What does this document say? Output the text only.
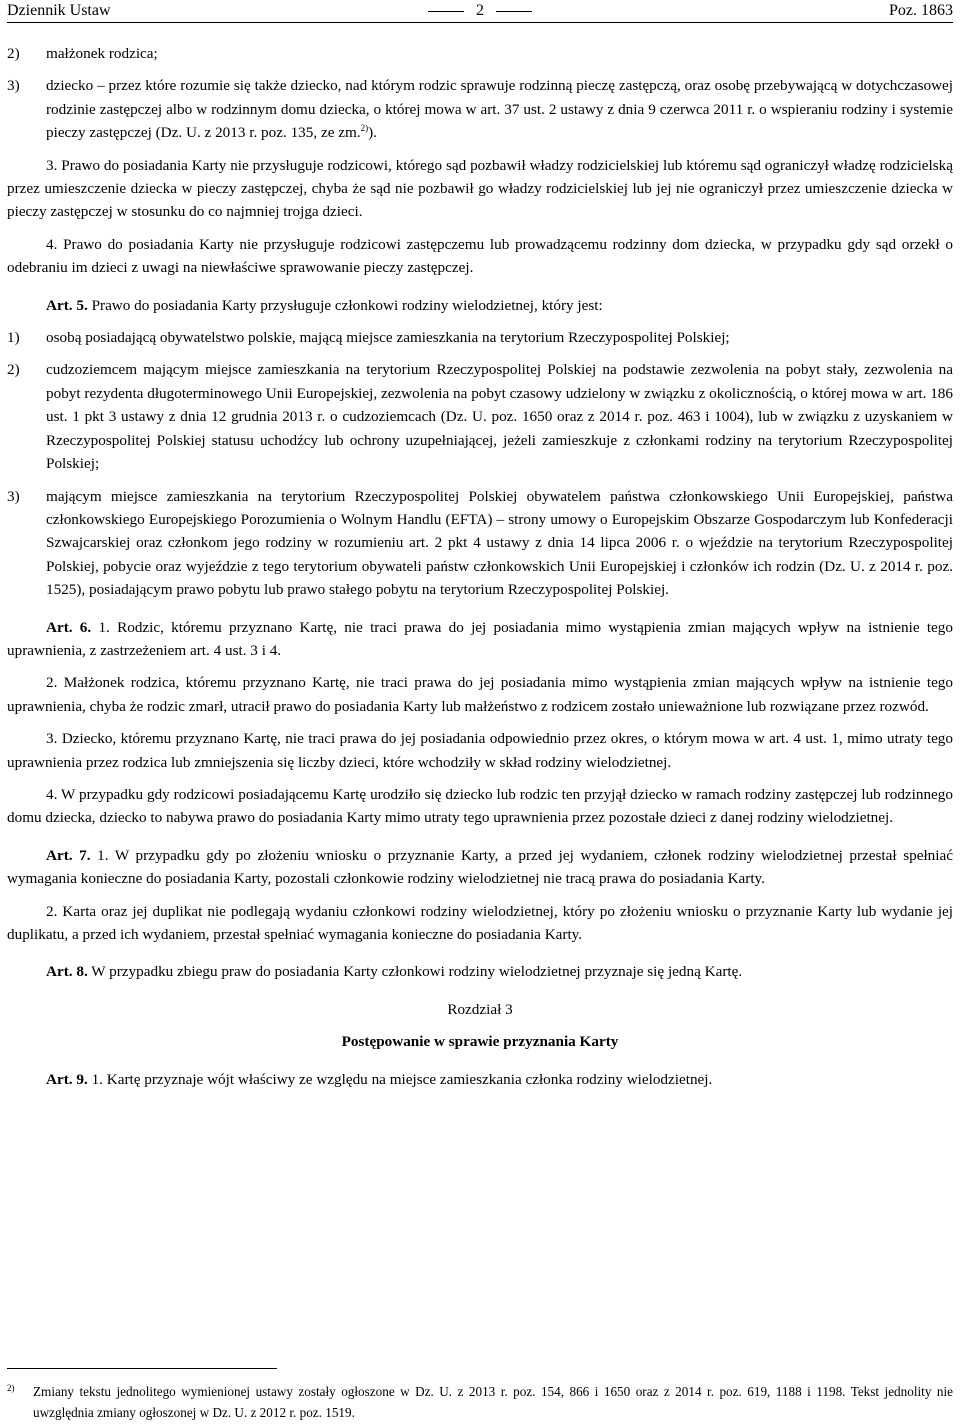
Dziennik Ustaw	2	Poz. 1863

2)	małżonek rodzica;

3)	dziecko – przez które rozumie się także dziecko, nad którym rodzic sprawuje rodzinną pieczę zastępczą, oraz osobę przebywającą w dotychczasowej rodzinie zastępczej albo w rodzinnym domu dziecka, o której mowa w art. 37 ust. 2 ustawy z dnia 9 czerwca 2011 r. o wspieraniu rodziny i systemie pieczy zastępczej (Dz. U. z 2013 r. poz. 135, ze zm.$^{2)}$).

3. Prawo do posiadania Karty nie przysługuje rodzicowi, którego sąd pozbawił władzy rodzicielskiej lub któremu sąd ograniczył władzę rodzicielską przez umieszczenie dziecka w pieczy zastępczej, chyba że sąd nie pozbawił go władzy rodzicielskiej lub jej nie ograniczył przez umieszczenie dziecka w pieczy zastępczej w stosunku do co najmniej trojga dzieci.

4. Prawo do posiadania Karty nie przysługuje rodzicowi zastępczemu lub prowadzącemu rodzinny dom dziecka, w przypadku gdy sąd orzekł o odebraniu im dzieci z uwagi na niewłaściwe sprawowanie pieczy zastępczej.

Art. 5. Prawo do posiadania Karty przysługuje członkowi rodziny wielodzietnej, który jest:

1)	osobą posiadającą obywatelstwo polskie, mającą miejsce zamieszkania na terytorium Rzeczypospolitej Polskiej;

2)	cudzoziemcem mającym miejsce zamieszkania na terytorium Rzeczypospolitej Polskiej na podstawie zezwolenia na pobyt stały, zezwolenia na pobyt rezydenta długoterminowego Unii Europejskiej, zezwolenia na pobyt czasowy udzielony w związku z okolicznością, o której mowa w art. 186 ust. 1 pkt 3 ustawy z dnia 12 grudnia 2013 r. o cudzoziemcach (Dz. U. poz. 1650 oraz z 2014 r. poz. 463 i 1004), lub w związku z uzyskaniem w Rzeczypospolitej Polskiej statusu uchodźcy lub ochrony uzupełniającej, jeżeli zamieszkuje z członkami rodziny na terytorium Rzeczypospolitej Polskiej;

3)	mającym miejsce zamieszkania na terytorium Rzeczypospolitej Polskiej obywatelem państwa członkowskiego Unii Europejskiej, państwa członkowskiego Europejskiego Porozumienia o Wolnym Handlu (EFTA) – strony umowy o Europejskim Obszarze Gospodarczym lub Konfederacji Szwajcarskiej oraz członkom jego rodziny w rozumieniu art. 2 pkt 4 ustawy z dnia 14 lipca 2006 r. o wjeździe na terytorium Rzeczypospolitej Polskiej, pobycie oraz wyjeździe z tego terytorium obywateli państw członkowskich Unii Europejskiej i członków ich rodzin (Dz. U. z 2014 r. poz. 1525), posiadającym prawo pobytu lub prawo stałego pobytu na terytorium Rzeczypospolitej Polskiej.

Art. 6. 1. Rodzic, któremu przyznano Kartę, nie traci prawa do jej posiadania mimo wystąpienia zmian mających wpływ na istnienie tego uprawnienia, z zastrzeżeniem art. 4 ust. 3 i 4.

2. Małżonek rodzica, któremu przyznano Kartę, nie traci prawa do jej posiadania mimo wystąpienia zmian mających wpływ na istnienie tego uprawnienia, chyba że rodzic zmarł, utracił prawo do posiadania Karty lub małżeństwo z rodzicem zostało unieważnione lub rozwiązane przez rozwód.

3. Dziecko, któremu przyznano Kartę, nie traci prawa do jej posiadania odpowiednio przez okres, o którym mowa w art. 4 ust. 1, mimo utraty tego uprawnienia przez rodzica lub zmniejszenia się liczby dzieci, które wchodziły w skład rodziny wielodzietnej.

4. W przypadku gdy rodzicowi posiadającemu Kartę urodziło się dziecko lub rodzic ten przyjął dziecko w ramach rodziny zastępczej lub rodzinnego domu dziecka, dziecko to nabywa prawo do posiadania Karty mimo utraty tego uprawnienia przez pozostałe dzieci z danej rodziny wielodzietnej.

Art. 7. 1. W przypadku gdy po złożeniu wniosku o przyznanie Karty, a przed jej wydaniem, członek rodziny wielodzietnej przestał spełniać wymagania konieczne do posiadania Karty, pozostali członkowie rodziny wielodzietnej nie tracą prawa do posiadania Karty.

2. Karta oraz jej duplikat nie podlegają wydaniu członkowi rodziny wielodzietnej, który po złożeniu wniosku o przyznanie Karty lub wydanie jej duplikatu, a przed ich wydaniem, przestał spełniać wymagania konieczne do posiadania Karty.

Art. 8. W przypadku zbiegu praw do posiadania Karty członkowi rodziny wielodzietnej przyznaje się jedną Kartę.

Rozdział 3

Postępowanie w sprawie przyznania Karty

Art. 9. 1. Kartę przyznaje wójt właściwy ze względu na miejsce zamieszkania członka rodziny wielodzietnej.

2)	Zmiany tekstu jednolitego wymienionej ustawy zostały ogłoszone w Dz. U. z 2013 r. poz. 154, 866 i 1650 oraz z 2014 r. poz. 619, 1188 i 1198. Tekst jednolity nie uwzględnia zmiany ogłoszonej w Dz. U. z 2012 r. poz. 1519.
